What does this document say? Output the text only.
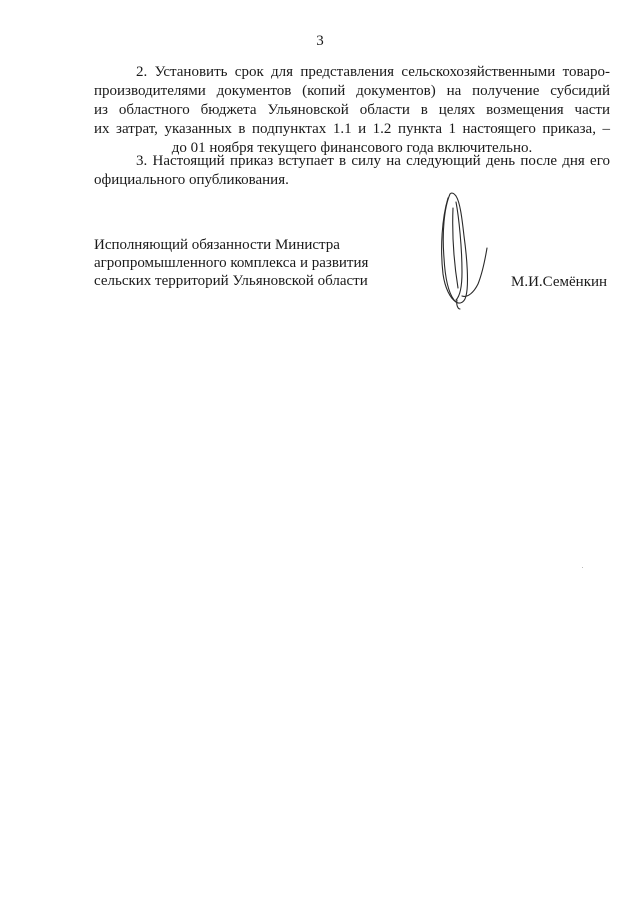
3
2. Установить срок для представления сельскохозяйственными товаро-
производителями документов (копий документов) на получение субсидий
из областного бюджета Ульяновской области в целях возмещения части
их затрат, указанных в подпунктах 1.1 и 1.2 пункта 1 настоящего приказа, –
до 01 ноября текущего финансового года включительно.
3. Настоящий приказ вступает в силу на следующий день после дня его
официального опубликования.
Исполняющий обязанности Министра
агропромышленного комплекса и развития
сельских территорий Ульяновской области	М.И.Семёнкин
